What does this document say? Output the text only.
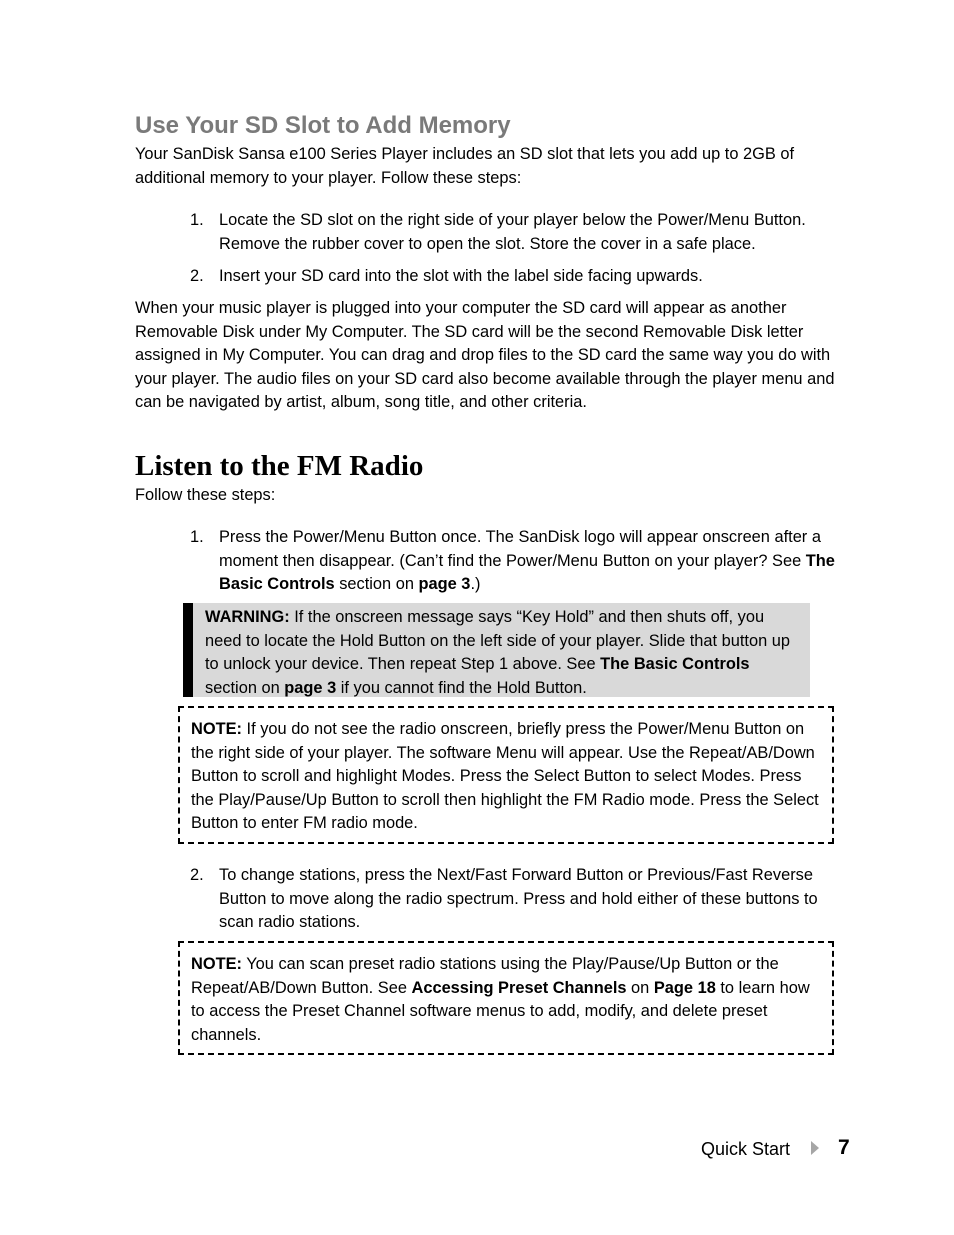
Use Your SD Slot to Add Memory

Your SanDisk Sansa e100 Series Player includes an SD slot that lets you add up to 2GB of additional memory to your player. Follow these steps:

1. Locate the SD slot on the right side of your player below the Power/Menu Button. Remove the rubber cover to open the slot. Store the cover in a safe place.
2. Insert your SD card into the slot with the label side facing upwards.

When your music player is plugged into your computer the SD card will appear as another Removable Disk under My Computer. The SD card will be the second Removable Disk letter assigned in My Computer. You can drag and drop files to the SD card the same way you do with your player. The audio files on your SD card also become available through the player menu and can be navigated by artist, album, song title, and other criteria.

Listen to the FM Radio

Follow these steps:

1. Press the Power/Menu Button once. The SanDisk logo will appear onscreen after a moment then disappear. (Can’t find the Power/Menu Button on your player? See The Basic Controls section on page 3.)
WARNING: If the onscreen message says “Key Hold” and then shuts off, you need to locate the Hold Button on the left side of your player. Slide that button up to unlock your device. Then repeat Step 1 above. See The Basic Controls section on page 3 if you cannot find the Hold Button.
NOTE: If you do not see the radio onscreen, briefly press the Power/Menu Button on the right side of your player. The software Menu will appear. Use the Repeat/AB/Down Button to scroll and highlight Modes. Press the Select Button to select Modes. Press the Play/Pause/Up Button to scroll then highlight the FM Radio mode. Press the Select Button to enter FM radio mode.
2. To change stations, press the Next/Fast Forward Button or Previous/Fast Reverse Button to move along the radio spectrum. Press and hold either of these buttons to scan radio stations.
NOTE: You can scan preset radio stations using the Play/Pause/Up Button or the Repeat/AB/Down Button. See Accessing Preset Channels on Page 18 to learn how to access the Preset Channel software menus to add, modify, and delete preset channels.
Quick Start 7
